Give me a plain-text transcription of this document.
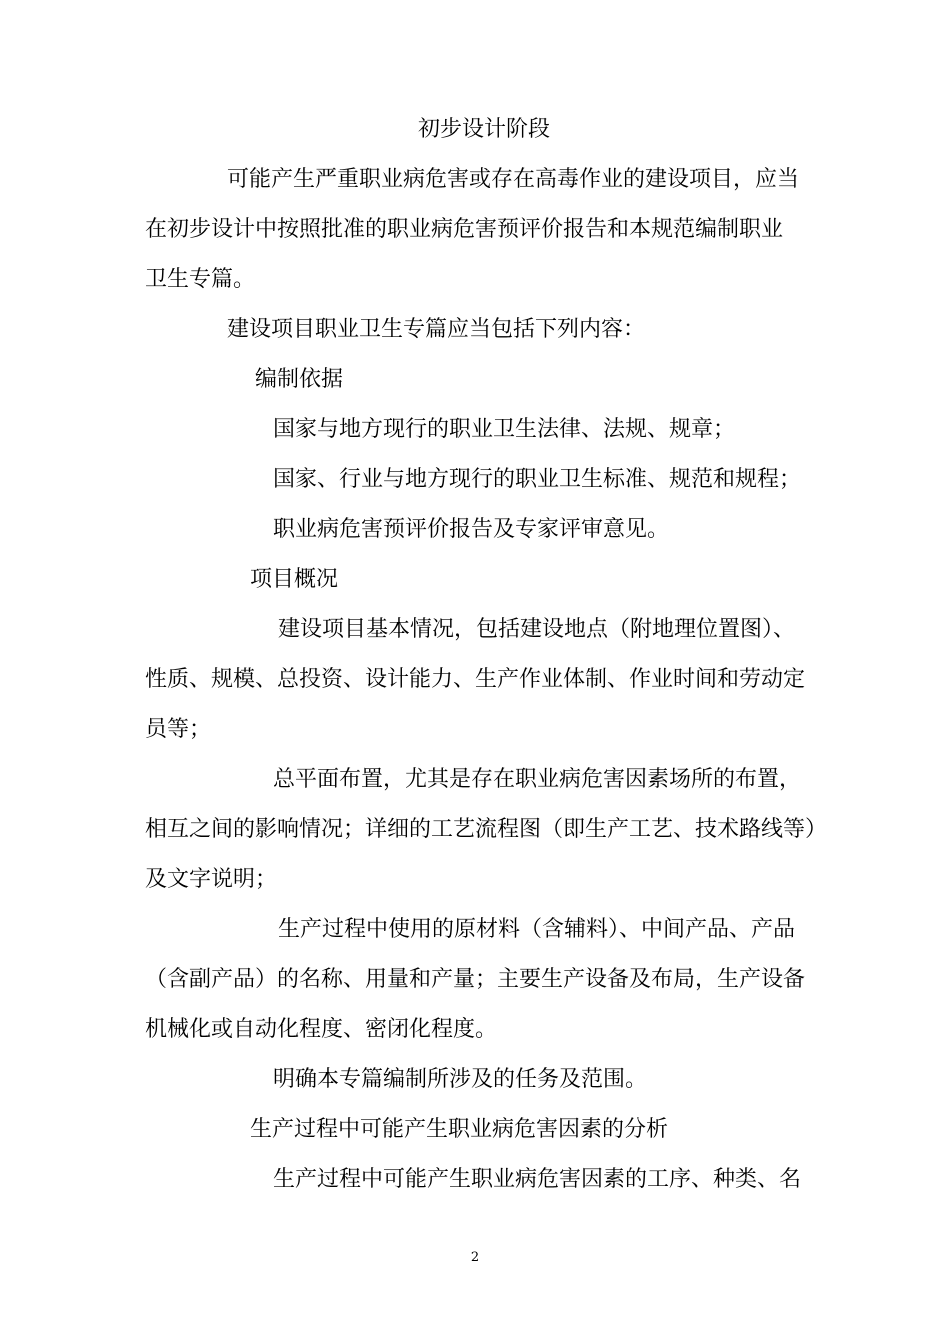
初步设计阶段
可能产生严重职业病危害或存在高毒作业的建设项目，应当
在初步设计中按照批准的职业病危害预评价报告和本规范编制职业
卫生专篇。
建设项目职业卫生专篇应当包括下列内容：
编制依据
国家与地方现行的职业卫生法律、法规、规章；
国家、行业与地方现行的职业卫生标准、规范和规程；
职业病危害预评价报告及专家评审意见。
项目概况
建设项目基本情况，包括建设地点（附地理位置图）、
性质、规模、总投资、设计能力、生产作业体制、作业时间和劳动定
员等；
总平面布置，尤其是存在职业病危害因素场所的布置，
相互之间的影响情况；详细的工艺流程图（即生产工艺、技术路线等）
及文字说明；
生产过程中使用的原材料（含辅料）、中间产品、产品
（含副产品）的名称、用量和产量；主要生产设备及布局，生产设备
机械化或自动化程度、密闭化程度。
明确本专篇编制所涉及的任务及范围。
生产过程中可能产生职业病危害因素的分析
生产过程中可能产生职业病危害因素的工序、种类、名
2
